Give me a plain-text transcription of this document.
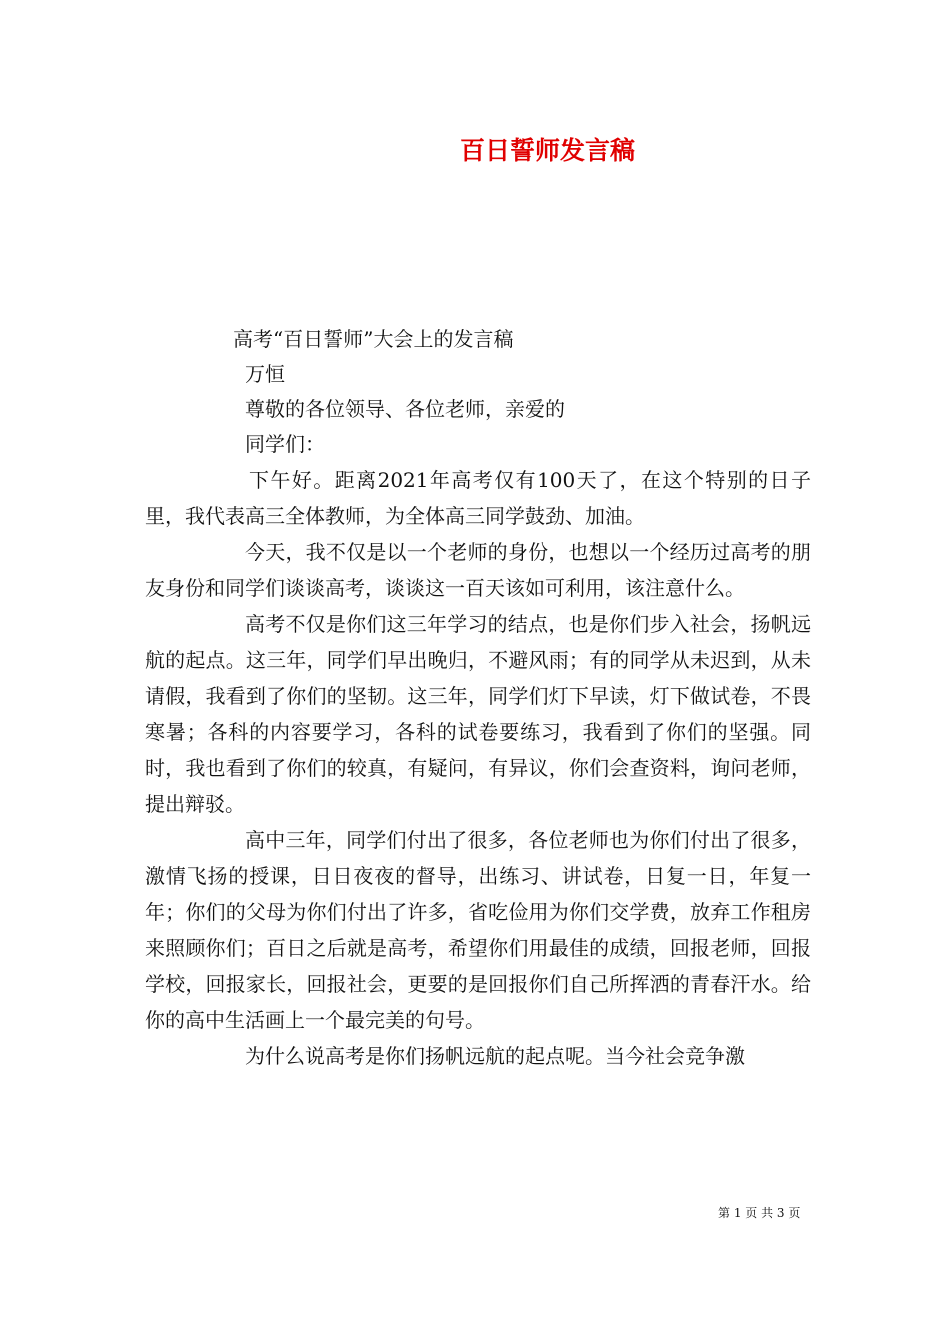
百日誓师发言稿
高考“百日誓师”大会上的发言稿
万恒
尊敬的各位领导、各位老师，亲爱的
同学们：

下午好。距离2021年高考仅有100天了，在这个特别的日子里，我代表高三全体教师，为全体高三同学鼓劲、加油。

今天，我不仅是以一个老师的身份，也想以一个经历过高考的朋友身份和同学们谈谈高考，谈谈这一百天该如可利用，该注意什么。

高考不仅是你们这三年学习的结点，也是你们步入社会，扬帆远航的起点。这三年，同学们早出晚归，不避风雨；有的同学从未迟到，从未请假，我看到了你们的坚韧。这三年，同学们灯下早读，灯下做试卷，不畏寒暑；各科的内容要学习，各科的试卷要练习，我看到了你们的坚强。同时，我也看到了你们的较真，有疑问，有异议，你们会查资料，询问老师，提出辩驳。

高中三年，同学们付出了很多，各位老师也为你们付出了很多，激情飞扬的授课，日日夜夜的督导，出练习、讲试卷，日复一日，年复一年；你们的父母为你们付出了许多，省吃俭用为你们交学费，放弃工作租房来照顾你们；百日之后就是高考，希望你们用最佳的成绩，回报老师，回报学校，回报家长，回报社会，更要的是回报你们自己所挥洒的青春汗水。给你的高中生活画上一个最完美的句号。

为什么说高考是你们扬帆远航的起点呢。当今社会竞争激

第 1 页 共 3 页
